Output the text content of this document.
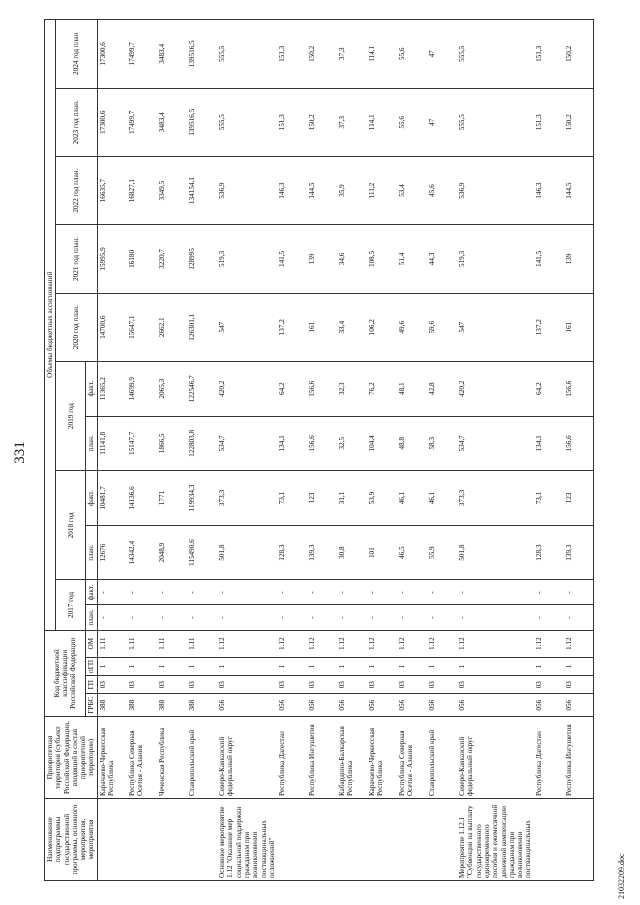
331
Наименование подпрограммы государственной программы, основного мероприятия, мероприятия	Приоритетная территория (субъект Российской Федерации, входящий в состав приоритетной территории)	Код бюджетной классификации Российской Федерации				Объемы бюджетных ассигнований										
						2017 год		2018 год		2019 год		2020 год план.	2021 год план.	2022 год план.	2023 год план.	2024 год план
		ГРБС	ГП	пГП	ОМ	план.	факт.	план.	факт.	план.	факт.					
	Карачаево-Черкесская Республика	388	03	1	1.11	-	-	12676	10481,7	11141,8	11365,2	14700,6	15995,9	16635,7	17300,6	17300,6
	Республика Северная Осетия - Алания	388	03	1	1.11	-	-	14342,4	14136,6	15147,7	14699,9	15647,1	16180	16827,1	17499,7	17499,7
	Чеченская Республика	388	03	1	1.11	-	-	2048,9	1771	1866,5	2065,3	2662,1	3220,7	3349,5	3483,4	3483,4
	Ставропольский край	388	03	1	1.11	-	-	115490,6	119934,3	122803,8	122546,7	126301,1	128995	134154,1	139516,5	139516,5
Основное мероприятие 1.12 "Оказание мер социальной поддержки гражданам при возникновении поствакцинальных осложнений"	Северо-Кавказский федеральный округ	056	03	1	1.12	-	-	501,8	373,3	534,7	420,2	547	519,3	536,9	555,5	555,5
	Республика Дагестан	056	03	1	1.12	-	-	128,3	73,1	134,1	64,2	137,2	141,5	146,3	151,3	151,3
	Республика Ингушетия	056	03	1	1.12	-	-	139,3	123	156,6	156,6	161	139	144,5	150,2	150,2
	Кабардино-Балкарская Республика	056	03	1	1.12	-	-	30,8	31,1	32,5	32,3	33,4	34,6	35,9	37,3	37,3
	Карачаево-Черкесская Республика	056	03	1	1.12	-	-	101	53,9	104,4	76,2	106,2	108,5	111,2	114,1	114,1
	Республика Северная Осетия - Алания	056	03	1	1.12	-	-	46,5	46,1	48,8	48,1	49,6	51,4	53,4	55,6	55,6
	Ставропольский край	056	03	1	1.12	-	-	55,9	46,1	58,3	42,8	59,6	44,3	45,6	47	47
Мероприятие 1.12.1 "Субвенции на выплату государственного единовременного пособия и ежемесячной денежной компенсации гражданам при возникновении поствакцинальных	Северо-Кавказский федеральный округ	056	03	1	1.12	-	-	501,8	373,3	534,7	420,2	547	519,3	536,9	555,5	555,5
	Республика Дагестан	056	03	1	1.12	-	-	128,3	73,1	134,1	64,2	137,2	141,5	146,3	151,3	151,3
	Республика Ингушетия	056	03	1	1.12	-	-	139,3	123	156,6	156,6	161	139	144,5	150,2	150,2
21032209.doc
